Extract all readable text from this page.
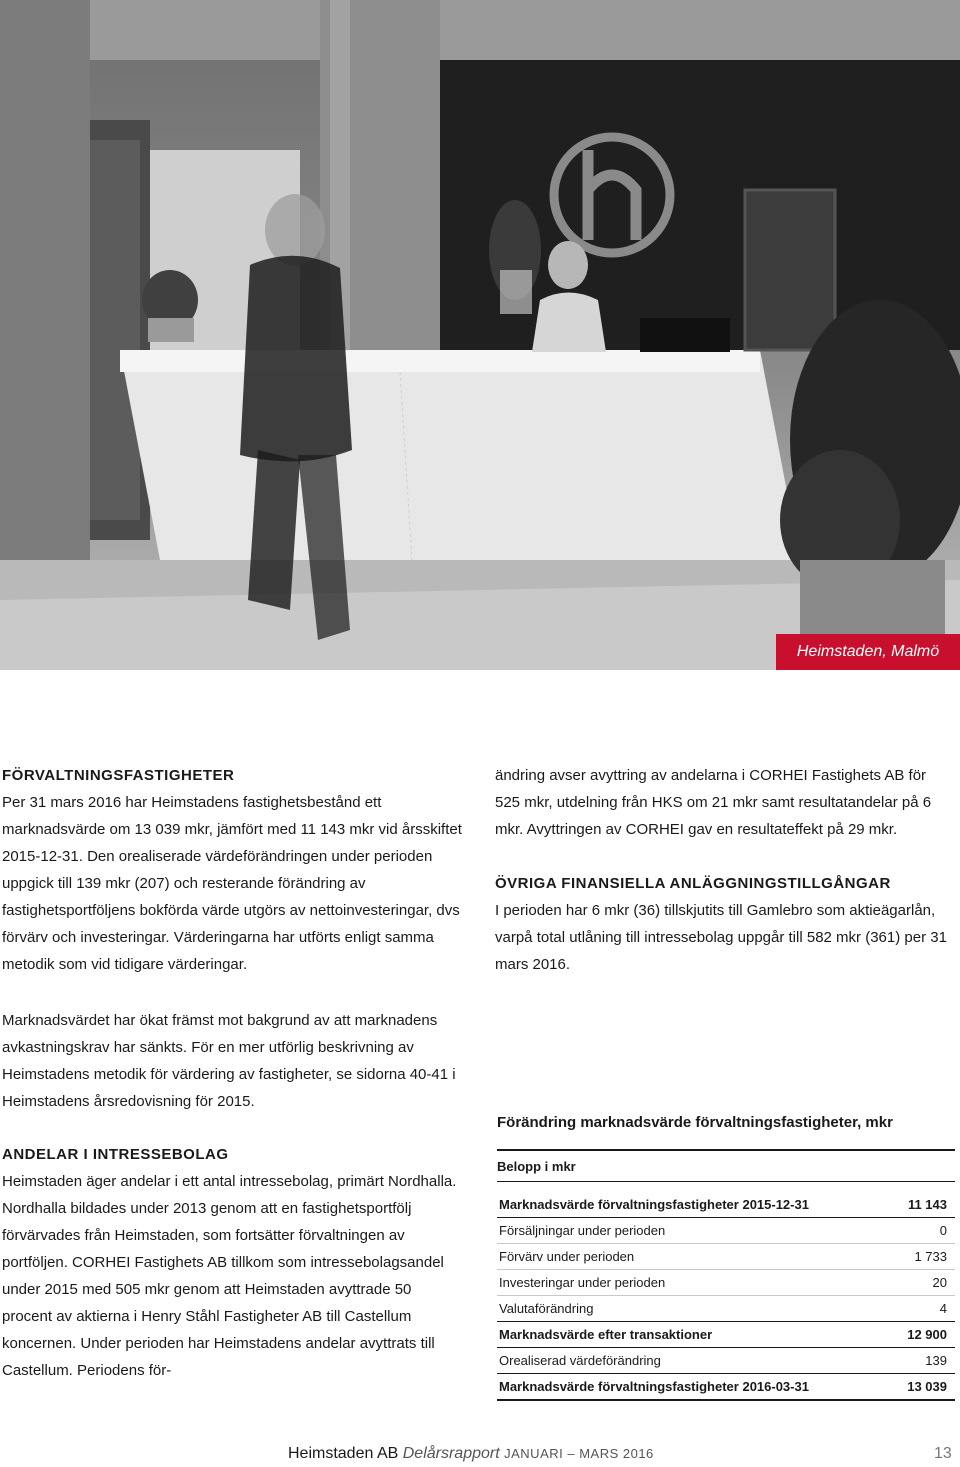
Heimstaden, Malmö

FÖRVALTNINGSFASTIGHETER

Per 31 mars 2016 har Heimstadens fastighetsbestånd ett marknadsvärde om 13 039 mkr, jämfört med 11 143 mkr vid årsskiftet 2015-12-31. Den orealiserade värdeförändringen under perioden uppgick till 139 mkr (207) och resterande förändring av fastighetsportföljens bokförda värde utgörs av nettoinvesteringar, dvs förvärv och investeringar. Värderingarna har utförts enligt samma metodik som vid tidigare värderingar.

Marknadsvärdet har ökat främst mot bakgrund av att marknadens avkastningskrav har sänkts. För en mer utförlig beskrivning av Heimstadens metodik för värdering av fastigheter, se sidorna 40-41 i Heimstadens årsredovisning för 2015.

ANDELAR I INTRESSEBOLAG

Heimstaden äger andelar i ett antal intressebolag, primärt Nordhalla. Nordhalla bildades under 2013 genom att en fastighetsportfölj förvärvades från Heimstaden, som fortsätter förvaltningen av portföljen. CORHEI Fastighets AB tillkom som intressebolagsandel under 2015 med 505 mkr genom att Heimstaden avyttrade 50 procent av aktierna i Henry Ståhl Fastigheter AB till Castellum koncernen. Under perioden har Heimstadens andelar avyttrats till Castellum. Periodens för-

ändring avser avyttring av andelarna i CORHEI Fastighets AB för 525 mkr, utdelning från HKS om 21 mkr samt resultatandelar på 6 mkr. Avyttringen av CORHEI gav en resultateffekt på 29 mkr.

ÖVRIGA FINANSIELLA ANLÄGGNINGSTILLGÅNGAR

I perioden har 6 mkr (36) tillskjutits till Gamlebro som aktieägarlån, varpå total utlåning till intressebolag uppgår till 582 mkr (361) per 31 mars 2016.

Förändring marknadsvärde förvaltningsfastigheter, mkr

Belopp i mkr
Marknadsvärde förvaltningsfastigheter 2015-12-31	11 143
Försäljningar under perioden	0
Förvärv under perioden	1 733
Investeringar under perioden	20
Valutaförändring	4
Marknadsvärde efter transaktioner	12 900
Orealiserad värdeförändring	139
Marknadsvärde förvaltningsfastigheter 2016-03-31	13 039
Heimstaden AB Delårsrapport JANUARI – MARS 2016	13
